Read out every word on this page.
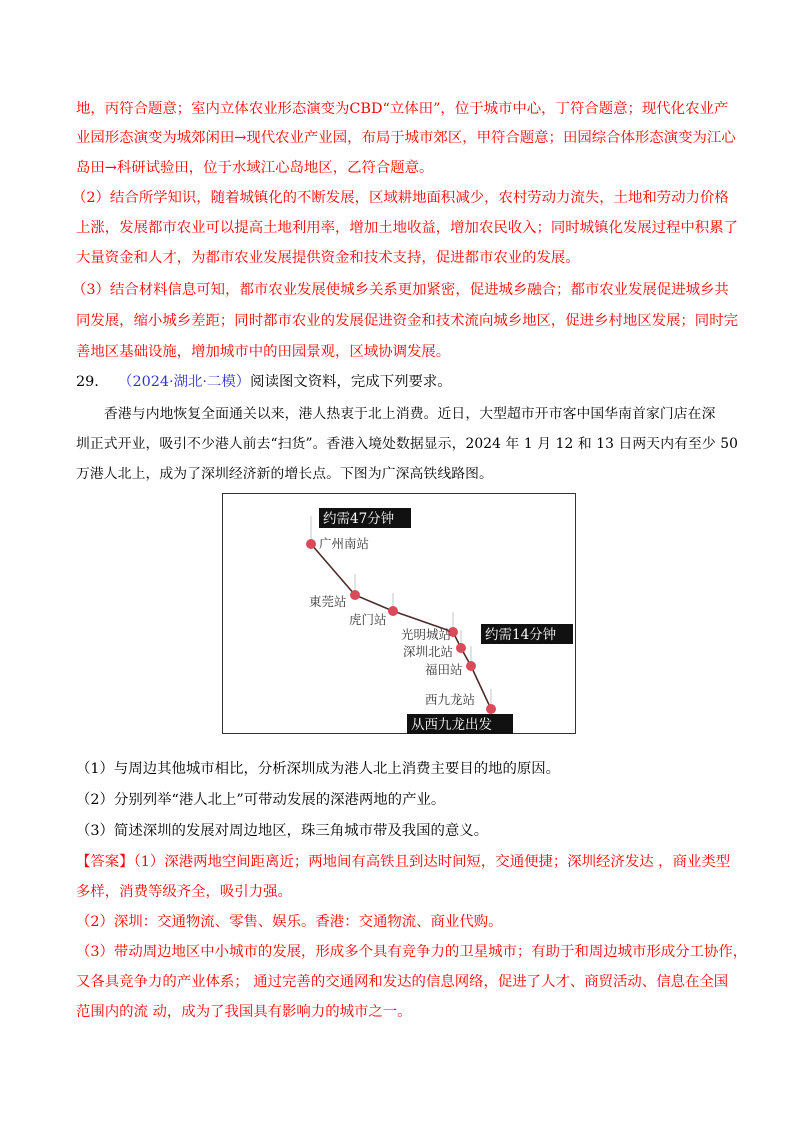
地，丙符合题意；室内立体农业形态演变为CBD“立体田”，位于城市中心，丁符合题意；现代化农业产
业园形态演变为城郊闲田→现代农业产业园，布局于城市郊区，甲符合题意；田园综合体形态演变为江心
岛田→科研试验田，位于水域江心岛地区，乙符合题意。
（2）结合所学知识，随着城镇化的不断发展，区域耕地面积减少，农村劳动力流失，土地和劳动力价格
上涨，发展都市农业可以提高土地利用率，增加土地收益，增加农民收入；同时城镇化发展过程中积累了
大量资金和人才，为都市农业发展提供资金和技术支持，促进都市农业的发展。
（3）结合材料信息可知，都市农业发展使城乡关系更加紧密，促进城乡融合；都市农业发展促进城乡共
同发展，缩小城乡差距；同时都市农业的发展促进资金和技术流向城乡地区，促进乡村地区发展；同时完
善地区基础设施，增加城市中的田园景观，区域协调发展。
29. （2024·湖北·二模）阅读图文资料，完成下列要求。
香港与内地恢复全面通关以来，港人热衷于北上消费。近日，大型超市开市客中国华南首家门店在深
圳正式开业，吸引不少港人前去“扫货”。香港入境处数据显示，2024 年 1 月 12 和 13 日两天内有至少 50
万港人北上，成为了深圳经济新的增长点。下图为广深高铁线路图。
约需47分钟
约需14分钟
从西九龙出发
广州南站
東莞站
虎门站
光明城站
深圳北站
福田站
西九龙站
（1）与周边其他城市相比，分析深圳成为港人北上消费主要目的地的原因。
（2）分别列举“港人北上”可带动发展的深港两地的产业。
（3）简述深圳的发展对周边地区，珠三角城市带及我国的意义。
【答案】（1）深港两地空间距离近；两地间有高铁且到达时间短，交通便捷；深圳经济发达 ，商业类型
多样，消费等级齐全，吸引力强。
（2）深圳：交通物流、零售、娱乐。香港：交通物流、商业代购。
（3）带动周边地区中小城市的发展，形成多个具有竞争力的卫星城市；有助于和周边城市形成分工协作，
又各具竞争力的产业体系； 通过完善的交通网和发达的信息网络，促进了人才、商贸活动、信息在全国
范围内的流 动，成为了我国具有影响力的城市之一。
